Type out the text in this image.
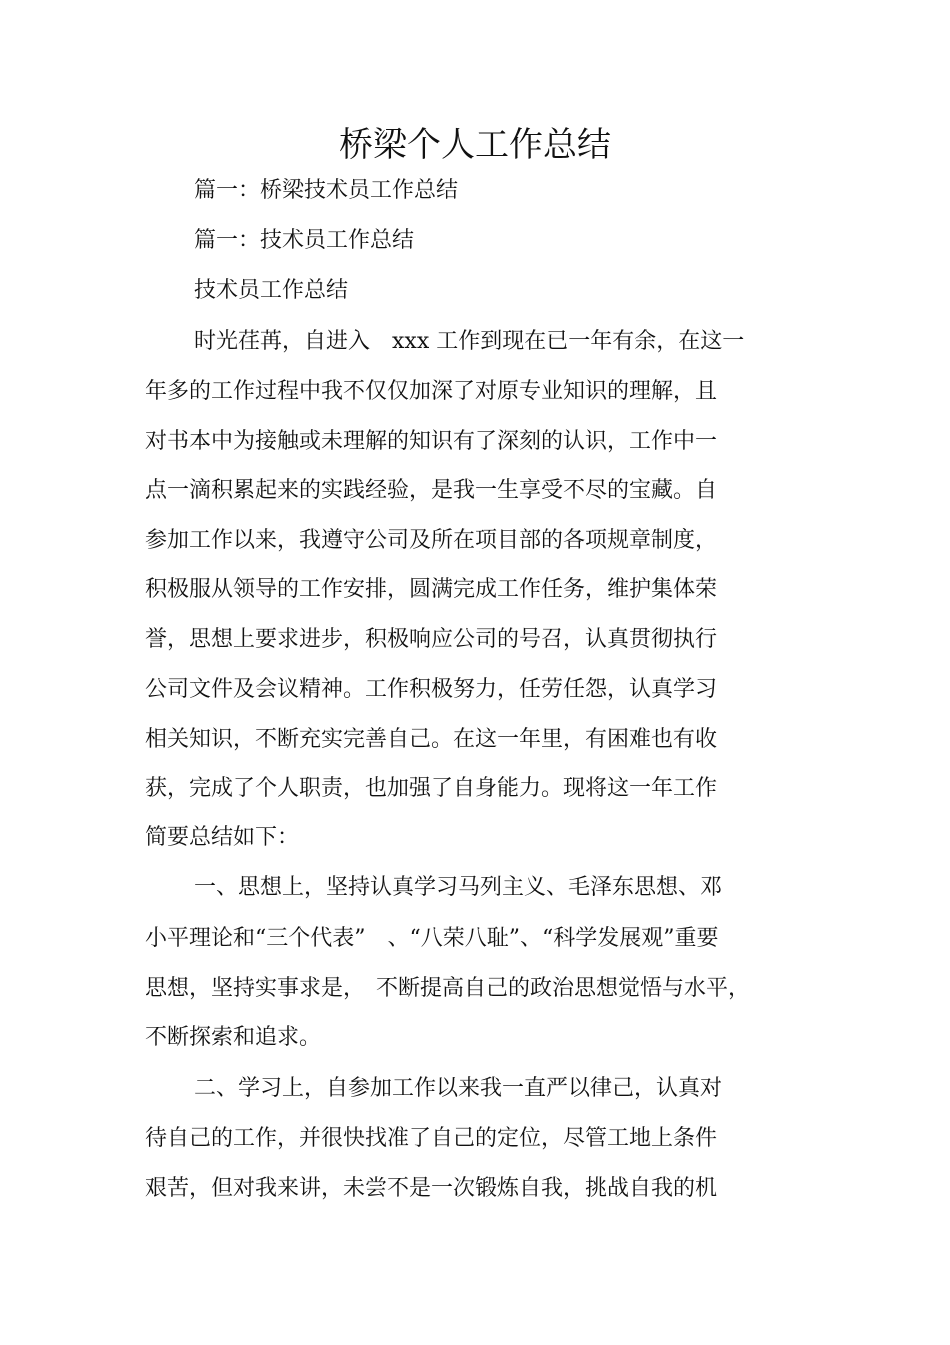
桥梁个人工作总结
篇一：桥梁技术员工作总结
篇一：技术员工作总结
技术员工作总结
时光荏苒，自进入　xxx 工作到现在已一年有余，在这一
年多的工作过程中我不仅仅加深了对原专业知识的理解，且
对书本中为接触或未理解的知识有了深刻的认识，工作中一
点一滴积累起来的实践经验，是我一生享受不尽的宝藏。自
参加工作以来，我遵守公司及所在项目部的各项规章制度，
积极服从领导的工作安排，圆满完成工作任务，维护集体荣
誉，思想上要求进步，积极响应公司的号召，认真贯彻执行
公司文件及会议精神。工作积极努力，任劳任怨，认真学习
相关知识，不断充实完善自己。在这一年里，有困难也有收
获，完成了个人职责，也加强了自身能力。现将这一年工作
简要总结如下：
一、思想上，坚持认真学习马列主义、毛泽东思想、邓
小平理论和“三个代表”　、“八荣八耻”、“科学发展观”重要
思想，坚持实事求是，　不断提高自己的政治思想觉悟与水平，
不断探索和追求。
二、学习上，自参加工作以来我一直严以律己，认真对
待自己的工作，并很快找准了自己的定位，尽管工地上条件
艰苦，但对我来讲，未尝不是一次锻炼自我，挑战自我的机
